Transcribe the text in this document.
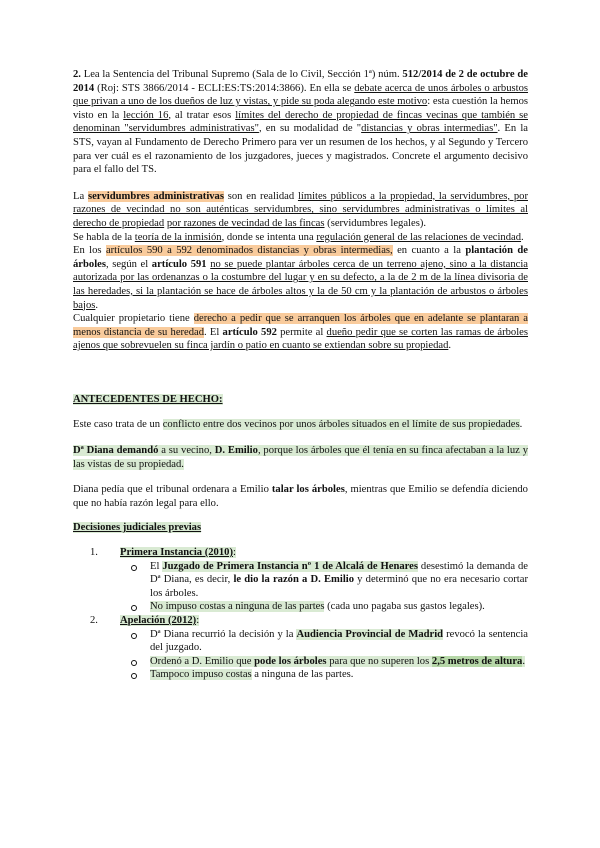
2. Lea la Sentencia del Tribunal Supremo (Sala de lo Civil, Sección 1ª) núm. 512/2014 de 2 de octubre de 2014 (Roj: STS 3866/2014 - ECLI:ES:TS:2014:3866). En ella se debate acerca de unos árboles o arbustos que privan a uno de los dueños de luz y vistas, y pide su poda alegando este motivo: esta cuestión la hemos visto en la lección 16, al tratar esos límites del derecho de propiedad de fincas vecinas que también se denominan "servidumbres administrativas", en su modalidad de "distancias y obras intermedias". En la STS, vayan al Fundamento de Derecho Primero para ver un resumen de los hechos, y al Segundo y Tercero para ver cuál es el razonamiento de los juzgadores, jueces y magistrados. Concrete el argumento decisivo para el fallo del TS.

La servidumbres administrativas son en realidad límites públicos a la propiedad, la servidumbres, por razones de vecindad no son auténticas servidumbres, sino servidumbres administrativas o límites al derecho de propiedad por razones de vecindad de las fincas (servidumbres legales).

Se habla de la teoría de la inmisión, donde se intenta una regulación general de las relaciones de vecindad.

En los artículos 590 a 592 denominados distancias y obras intermedias, en cuanto a la plantación de árboles, según el artículo 591 no se puede plantar árboles cerca de un terreno ajeno, sino a la distancia autorizada por las ordenanzas o la costumbre del lugar y en su defecto, a la de 2 m de la línea divisoria de las heredades, si la plantación se hace de árboles altos y la de 50 cm y la plantación de arbustos o árboles bajos.

Cualquier propietario tiene derecho a pedir que se arranquen los árboles que en adelante se plantaran a menos distancia de su heredad. El artículo 592 permite al dueño pedir que se corten las ramas de árboles ajenos que sobrevuelen su finca jardín o patio en cuanto se extiendan sobre su propiedad.

ANTECEDENTES DE HECHO:

Este caso trata de un conflicto entre dos vecinos por unos árboles situados en el límite de sus propiedades.

Dª Diana demandó a su vecino, D. Emilio, porque los árboles que él tenía en su finca afectaban a la luz y las vistas de su propiedad.

Diana pedía que el tribunal ordenara a Emilio talar los árboles, mientras que Emilio se defendía diciendo que no había razón legal para ello.

Decisiones judiciales previas

1. Primera Instancia (2010):

El Juzgado de Primera Instancia nº 1 de Alcalá de Henares desestimó la demanda de Dª Diana, es decir, le dio la razón a D. Emilio y determinó que no era necesario cortar los árboles.

No impuso costas a ninguna de las partes (cada uno pagaba sus gastos legales).

2. Apelación (2012):

Dª Diana recurrió la decisión y la Audiencia Provincial de Madrid revocó la sentencia del juzgado.

Ordenó a D. Emilio que pode los árboles para que no superen los 2,5 metros de altura.

Tampoco impuso costas a ninguna de las partes.
